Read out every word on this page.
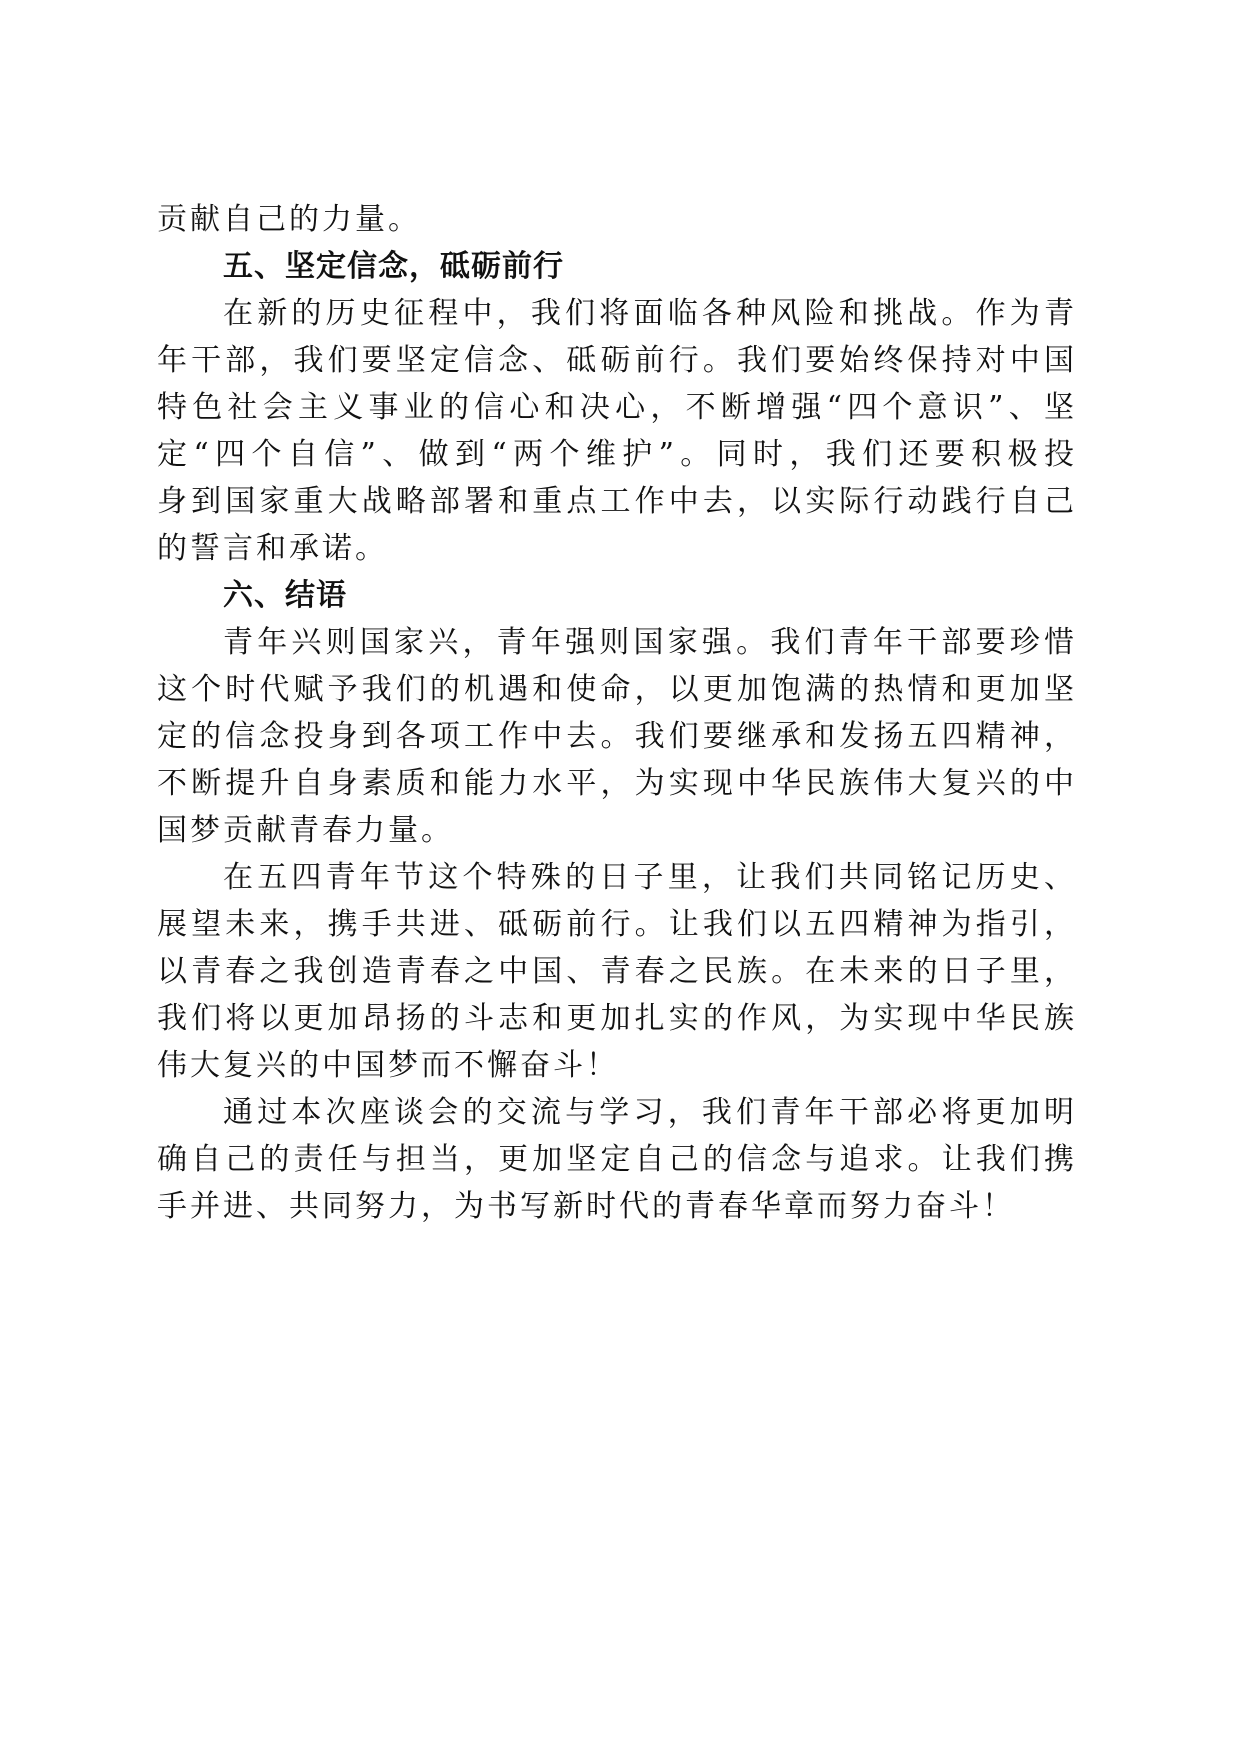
贡献自己的力量。
五、坚定信念，砥砺前行
在新的历史征程中，我们将面临各种风险和挑战。作为青
年干部，我们要坚定信念、砥砺前行。我们要始终保持对中国
特色社会主义事业的信心和决心，不断增强“四个意识”、坚
定“四个自信”、做到“两个维护”。同时，我们还要积极投
身到国家重大战略部署和重点工作中去，以实际行动践行自己
的誓言和承诺。
六、结语
青年兴则国家兴，青年强则国家强。我们青年干部要珍惜
这个时代赋予我们的机遇和使命，以更加饱满的热情和更加坚
定的信念投身到各项工作中去。我们要继承和发扬五四精神，
不断提升自身素质和能力水平，为实现中华民族伟大复兴的中
国梦贡献青春力量。
在五四青年节这个特殊的日子里，让我们共同铭记历史、
展望未来，携手共进、砥砺前行。让我们以五四精神为指引，
以青春之我创造青春之中国、青春之民族。在未来的日子里，
我们将以更加昂扬的斗志和更加扎实的作风，为实现中华民族
伟大复兴的中国梦而不懈奋斗！
通过本次座谈会的交流与学习，我们青年干部必将更加明
确自己的责任与担当，更加坚定自己的信念与追求。让我们携
手并进、共同努力，为书写新时代的青春华章而努力奋斗！
